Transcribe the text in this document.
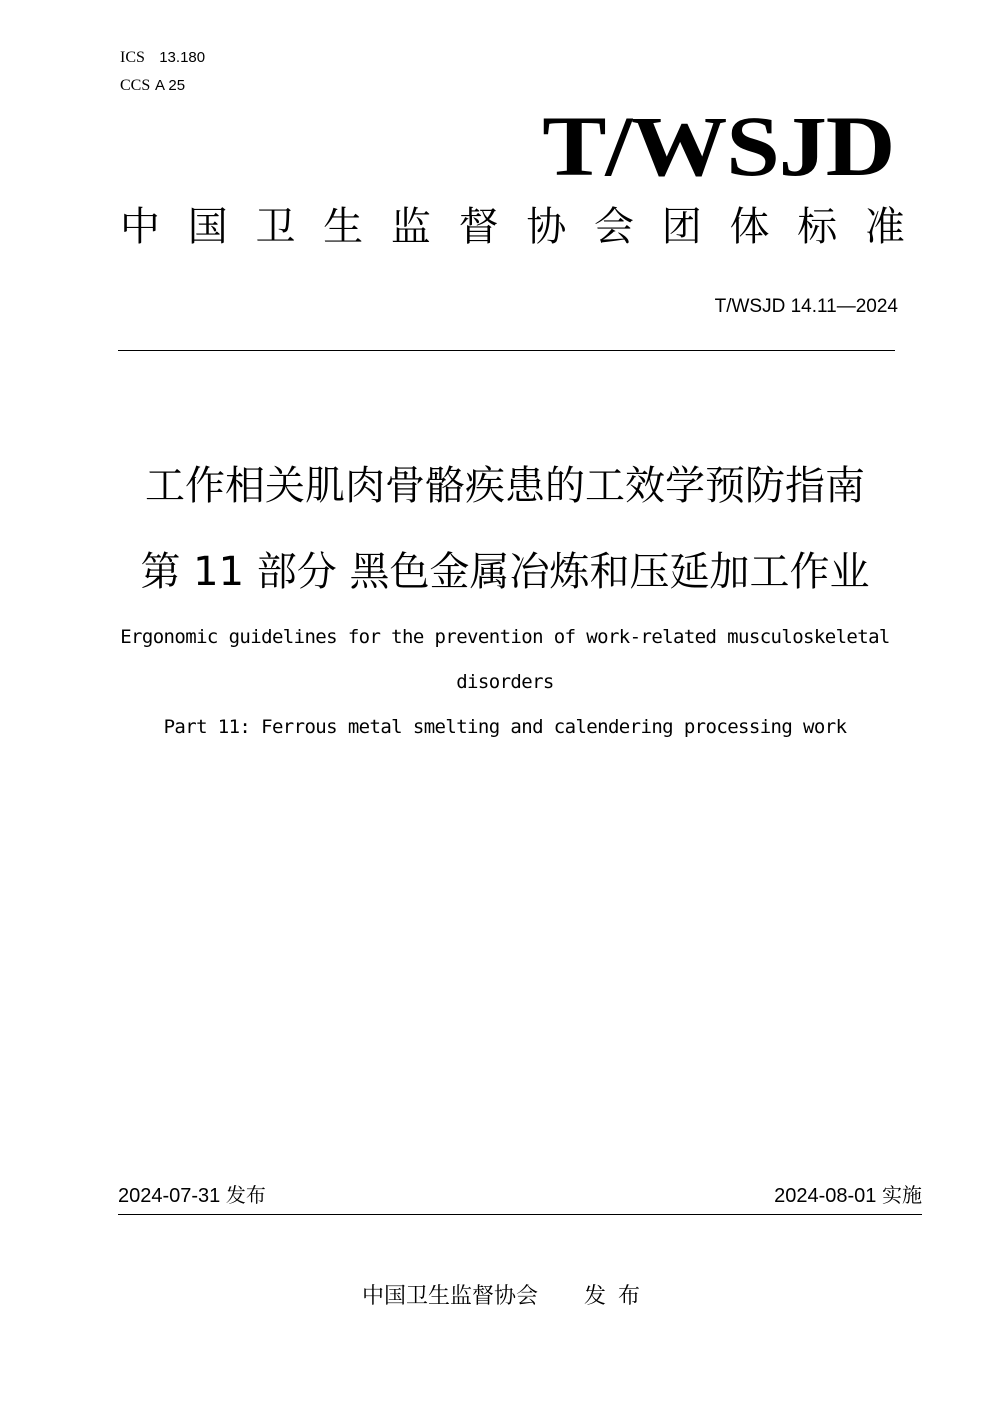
ICS 13.180
CCS A 25
T/WSJD
中 国 卫 生 监 督 协 会 团 体 标 准
T/WSJD 14.11—2024
工作相关肌肉骨骼疾患的工效学预防指南
第 11 部分 黑色金属冶炼和压延加工作业
Ergonomic guidelines for the prevention of work-related musculoskeletal
disorders
Part 11: Ferrous metal smelting and calendering processing work
2024-07-31 发布	2024-08-01 实施
中国卫生监督协会 发布
